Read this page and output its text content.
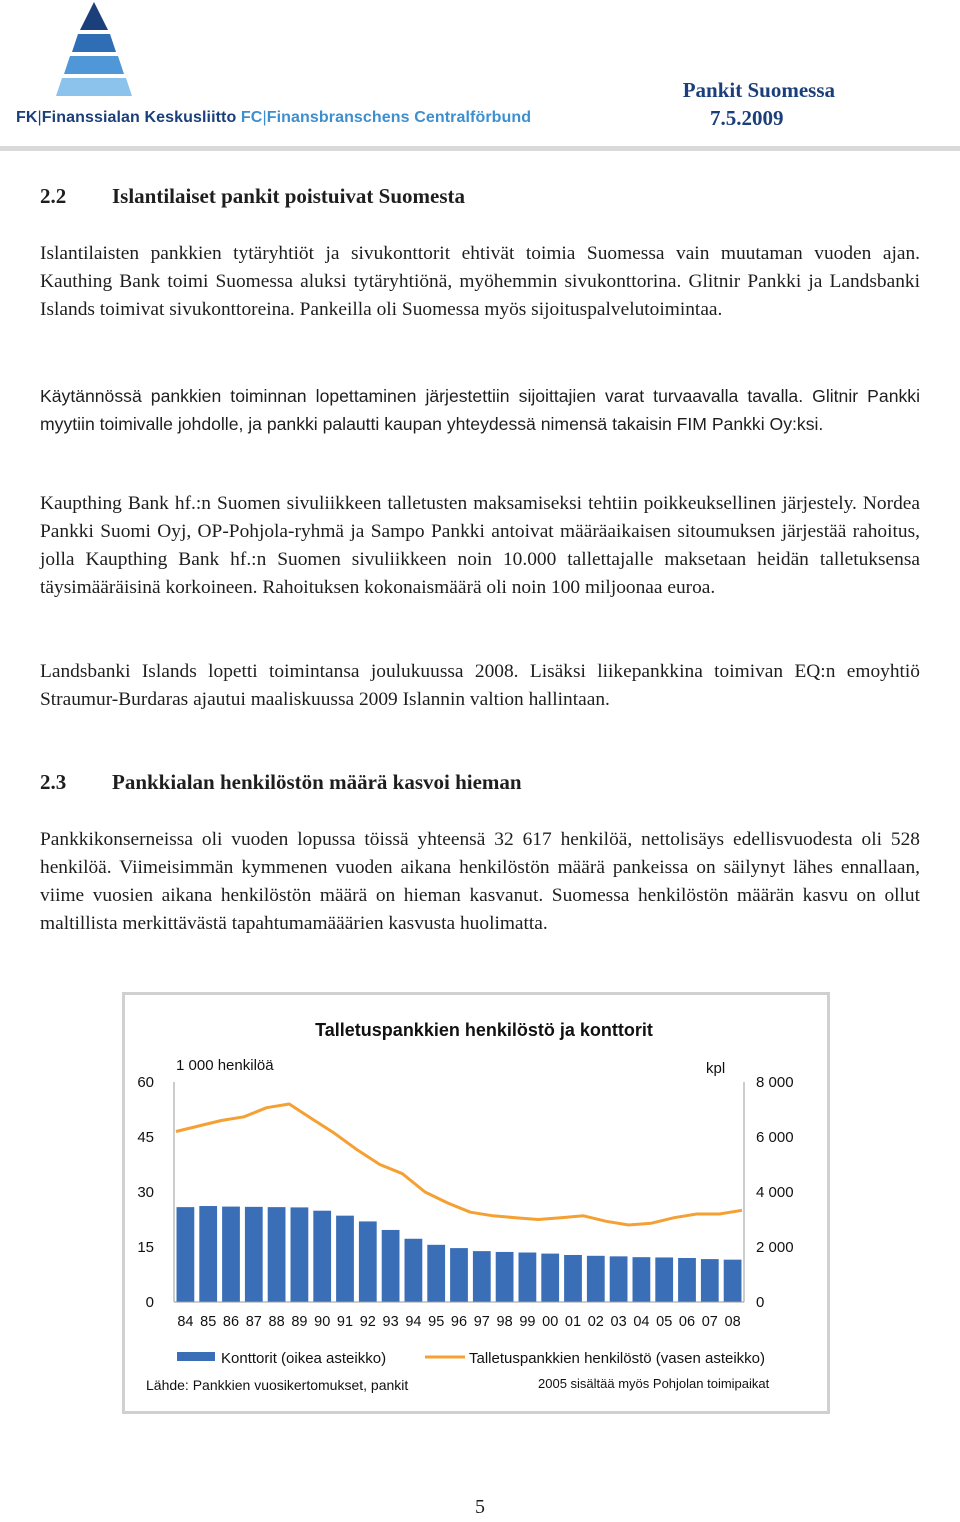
FK|Finanssialan Keskusliitto FC|Finansbranschens Centralförbund
Pankit Suomessa
7.5.2009
2.2 Islantilaiset pankit poistuivat Suomesta

Islantilaisten pankkien tytäryhtiöt ja sivukonttorit ehtivät toimia Suomessa vain muutaman vuoden ajan. Kauthing Bank toimi Suomessa aluksi tytäryhtiönä, myöhemmin sivukonttorina. Glitnir Pankki ja Landsbanki Islands toimivat sivukonttoreina. Pankeilla oli Suomessa myös sijoituspalvelutoimintaa.

Käytännössä pankkien toiminnan lopettaminen järjestettiin sijoittajien varat turvaavalla tavalla. Glitnir Pankki myytiin toimivalle johdolle, ja pankki palautti kaupan yhteydessä nimensä takaisin FIM Pankki Oy:ksi.

Kaupthing Bank hf.:n Suomen sivuliikkeen talletusten maksamiseksi tehtiin poikkeuksellinen järjestely. Nordea Pankki Suomi Oyj, OP-Pohjola-ryhmä ja Sampo Pankki antoivat määräaikaisen sitoumuksen järjestää rahoitus, jolla Kaupthing Bank hf.:n Suomen sivuliikkeen noin 10.000 tallettajalle maksetaan heidän talletuksensa täysimääräisinä korkoineen. Rahoituksen kokonaismäärä oli noin 100 miljoonaa euroa.

Landsbanki Islands lopetti toimintansa joulukuussa 2008. Lisäksi liikepankkina toimivan EQ:n emoyhtiö Straumur-Burdaras ajautui maaliskuussa 2009 Islannin valtion hallintaan.

2.3 Pankkialan henkilöstön määrä kasvoi hieman

Pankkikonserneissa oli vuoden lopussa töissä yhteensä 32 617 henkilöä, nettolisäys edellisvuodesta oli 528 henkilöä. Viimeisimmän kymmenen vuoden aikana henkilöstön määrä pankeissa on säilynyt lähes ennallaan, viime vuosien aikana henkilöstön määrä on hieman kasvanut. Suomessa henkilöstön määrän kasvu on ollut maltillista merkittävästä tapahtumamääärien kasvusta huolimatta.

Talletuspankkien henkilöstö ja konttorit
1 000 henkilöä	kpl
60
45
30
15
0
8 000
6 000
4 000
2 000
0
84 85 86 87 88 89 90 91 92 93 94 95 96 97 98 99 00 01 02 03 04 05 06 07 08
Konttorit (oikea asteikko)	Talletuspankkien henkilöstö (vasen asteikko)
Lähde: Pankkien vuosikertomukset, pankit	2005 sisältää myös Pohjolan toimipaikat
5
